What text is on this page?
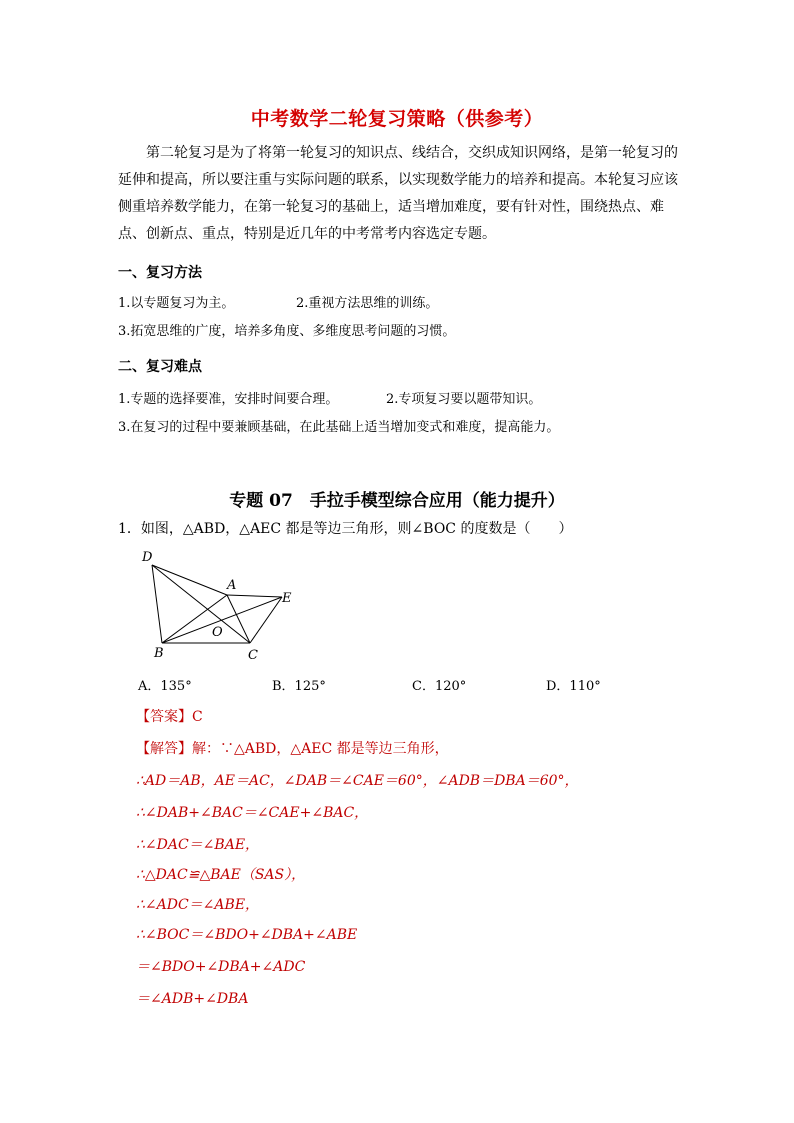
中考数学二轮复习策略（供参考）
第二轮复习是为了将第一轮复习的知识点、线结合，交织成知识网络，是第一轮复习的延伸和提高，所以要注重与实际问题的联系，以实现数学能力的培养和提高。本轮复习应该侧重培养数学能力，在第一轮复习的基础上，适当增加难度，要有针对性，围绕热点、难点、创新点、重点，特别是近几年的中考常考内容选定专题。
一、复习方法
1.以专题复习为主。	2.重视方法思维的训练。
3.拓宽思维的广度，培养多角度、多维度思考问题的习惯。
二、复习难点
1.专题的选择要准，安排时间要合理。	2.专项复习要以题带知识。
3.在复习的过程中要兼顾基础，在此基础上适当增加变式和难度，提高能力。
专题 07　手拉手模型综合应用（能力提升）
1．如图，△ABD，△AEC 都是等边三角形，则∠BOC 的度数是（　　）
D
A
E
O
B	C
A．135°	B．125°	C．120°	D．110°
【答案】C
【解答】解：∵△ABD，△AEC 都是等边三角形，
∴AD＝AB，AE＝AC，∠DAB＝∠CAE＝60°，∠ADB＝DBA＝60°，
∴∠DAB+∠BAC＝∠CAE+∠BAC，
∴∠DAC＝∠BAE，
∴△DAC≌△BAE（SAS），
∴∠ADC＝∠ABE，
∴∠BOC＝∠BDO+∠DBA+∠ABE
＝∠BDO+∠DBA+∠ADC
＝∠ADB+∠DBA
